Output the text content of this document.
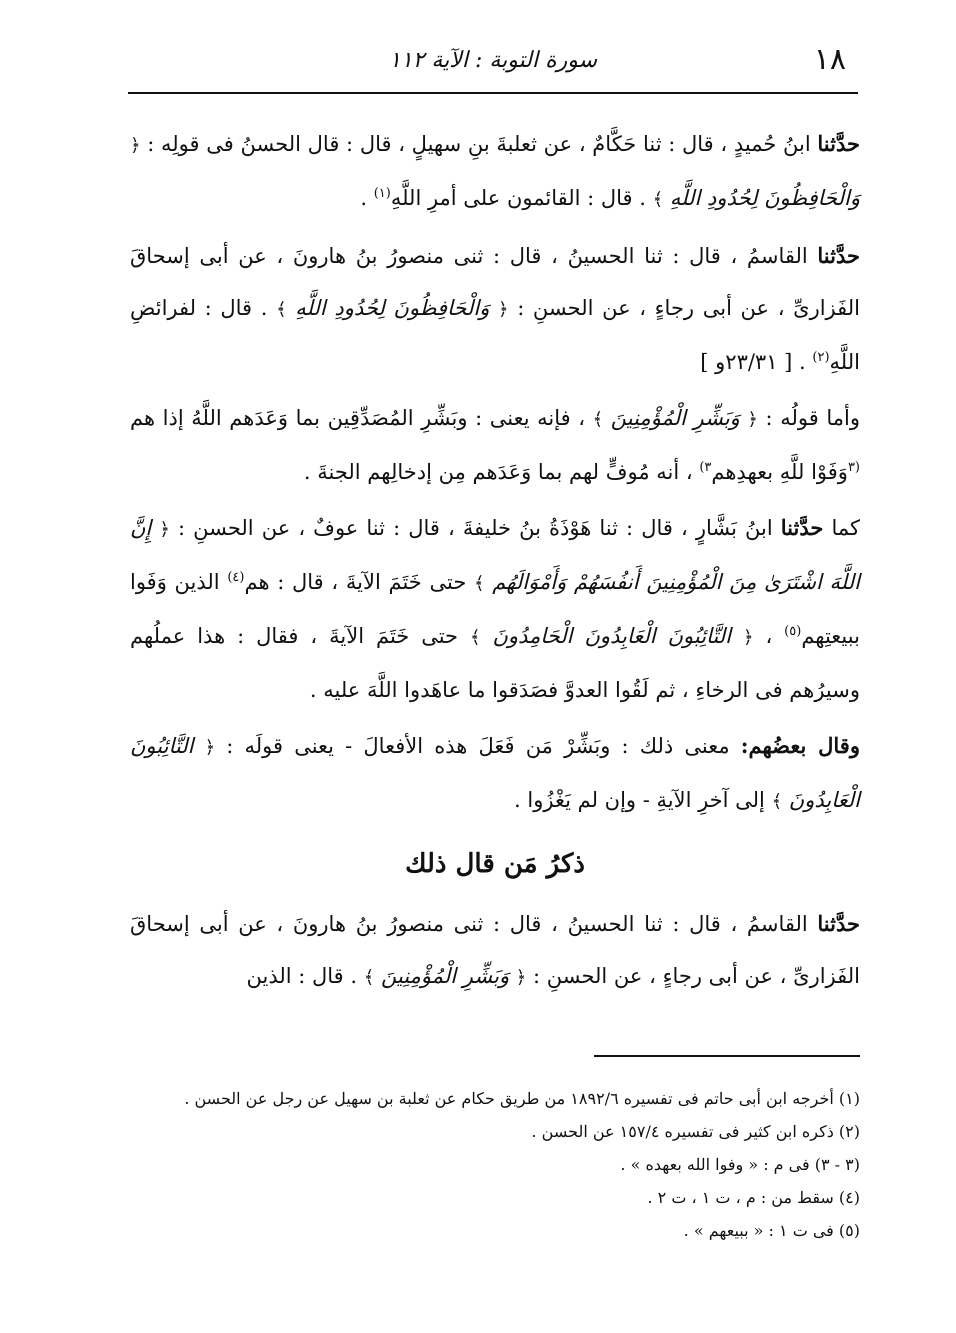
١٨
سورة التوبة : الآية ١١٢

حدَّثنا ابنُ حُميدٍ ، قال : ثنا حَكَّامٌ ، عن ثعلبةَ بنِ سهيلٍ ، قال : قال الحسنُ فى قولِه : ﴿ وَالْحَافِظُونَ لِحُدُودِ اللَّهِ ﴾ . قال : القائمون على أمرِ اللَّهِ$^{(١)}$ .

حدَّثنا القاسمُ ، قال : ثنا الحسينُ ، قال : ثنى منصورُ بنُ هارونَ ، عن أبى إسحاقَ الفَزارىِّ ، عن أبى رجاءٍ ، عن الحسنِ : ﴿ وَالْحَافِظُونَ لِحُدُودِ اللَّهِ ﴾ . قال : لفرائضِ اللَّهِ$^{(٢)}$ . [ ٢٣/٣١و ]

وأما قولُه : ﴿ وَبَشِّرِ الْمُؤْمِنِينَ ﴾ ، فإنه يعنى : وبَشِّرِ المُصَدِّقِين بما وَعَدَهم اللَّهُ إذا هم $^{(٣}$وَفَوْا للَّهِ بعهدِهم$^{٣)}$ ، أنه مُوفٍّ لهم بما وَعَدَهم مِن إدخالِهم الجنةَ .

كما حدَّثنا ابنُ بَشَّارٍ ، قال : ثنا هَوْذَةُ بنُ خليفةَ ، قال : ثنا عوفٌ ، عن الحسنِ : ﴿ إِنَّ اللَّهَ اشْتَرَىٰ مِنَ الْمُؤْمِنِينَ أَنفُسَهُمْ وَأَمْوَالَهُم ﴾ حتى خَتَمَ الآيةَ ، قال : هم$^{(٤)}$ الذين وَفَوا ببيعتِهم$^{(٥)}$ ، ﴿ التَّائِبُونَ الْعَابِدُونَ الْحَامِدُونَ ﴾ حتى خَتَمَ الآيةَ ، فقال : هذا عملُهم وسيرُهم فى الرخاءِ ، ثم لَقُوا العدوَّ فصَدَقوا ما عاهَدوا اللَّهَ عليه .

وقال بعضُهم: معنى ذلك : وبَشِّرْ مَن فَعَلَ هذه الأفعالَ - يعنى قولَه : ﴿ التَّائِبُونَ الْعَابِدُونَ ﴾ إلى آخرِ الآيةِ - وإن لم يَغْزُوا .

ذكرُ مَن قال ذلك

حدَّثنا القاسمُ ، قال : ثنا الحسينُ ، قال : ثنى منصورُ بنُ هارونَ ، عن أبى إسحاقَ الفَزارىِّ ، عن أبى رجاءٍ ، عن الحسنِ : ﴿ وَبَشِّرِ الْمُؤْمِنِينَ ﴾ . قال : الذين

(١) أخرجه ابن أبى حاتم فى تفسيره ١٨٩٢/٦ من طريق حكام عن ثعلبة بن سهيل عن رجل عن الحسن .

(٢) ذكره ابن كثير فى تفسيره ١٥٧/٤ عن الحسن .

(٣ - ٣) فى م : « وفوا الله بعهده » .

(٤) سقط من : م ، ت ١ ، ت ٢ .

(٥) فى ت ١ : « ببيعهم » .
